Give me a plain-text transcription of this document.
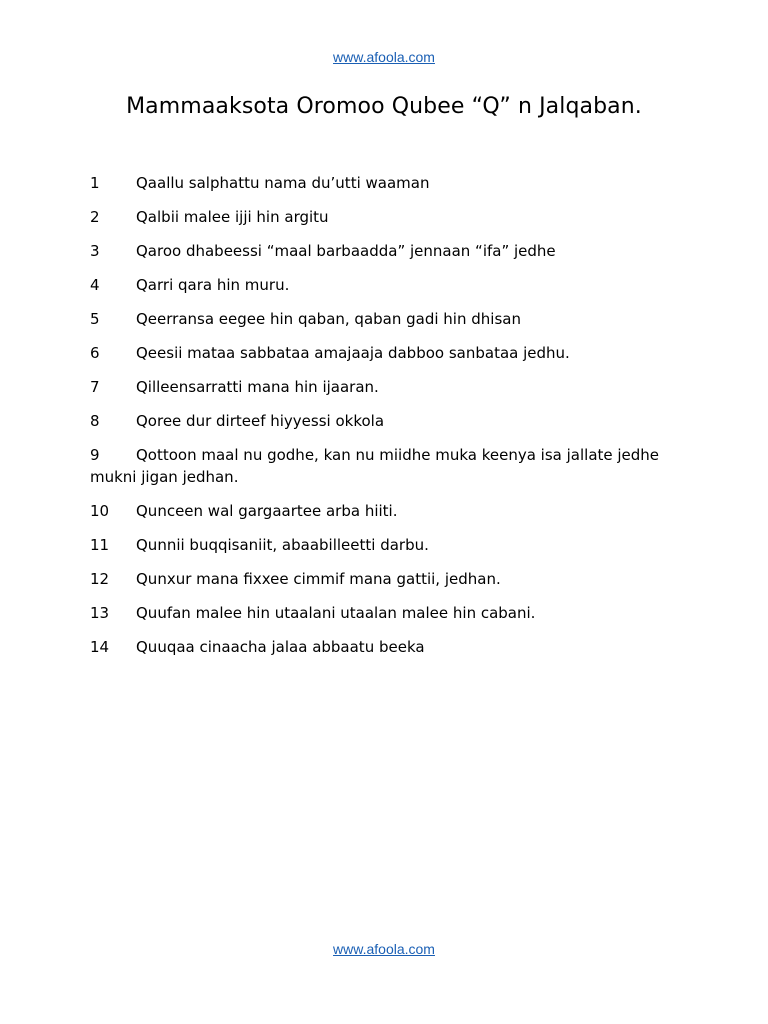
www.afoola.com
Mammaaksota Oromoo Qubee “Q” n Jalqaban.
1 Qaallu salphattu nama du’utti waaman
2 Qalbii malee ijji hin argitu
3 Qaroo dhabeessi “maal barbaadda” jennaan “ifa” jedhe
4 Qarri qara hin muru.
5 Qeerransa eegee hin qaban, qaban gadi hin dhisan
6 Qeesii mataa sabbataa amajaaja dabboo sanbataa jedhu.
7 Qilleensarratti mana hin ijaaran.
8 Qoree dur dirteef hiyyessi okkola
9 Qottoon maal nu godhe, kan nu miidhe muka keenya isa jallate jedhe mukni jigan jedhan.
10 Qunceen wal gargaartee arba hiiti.
11 Qunnii buqqisaniit, abaabilleetti darbu.
12 Qunxur mana fixxee cimmif mana gattii, jedhan.
13 Quufan malee hin utaalani utaalan malee hin cabani.
14 Quuqaa cinaacha jalaa abbaatu beeka
www.afoola.com
